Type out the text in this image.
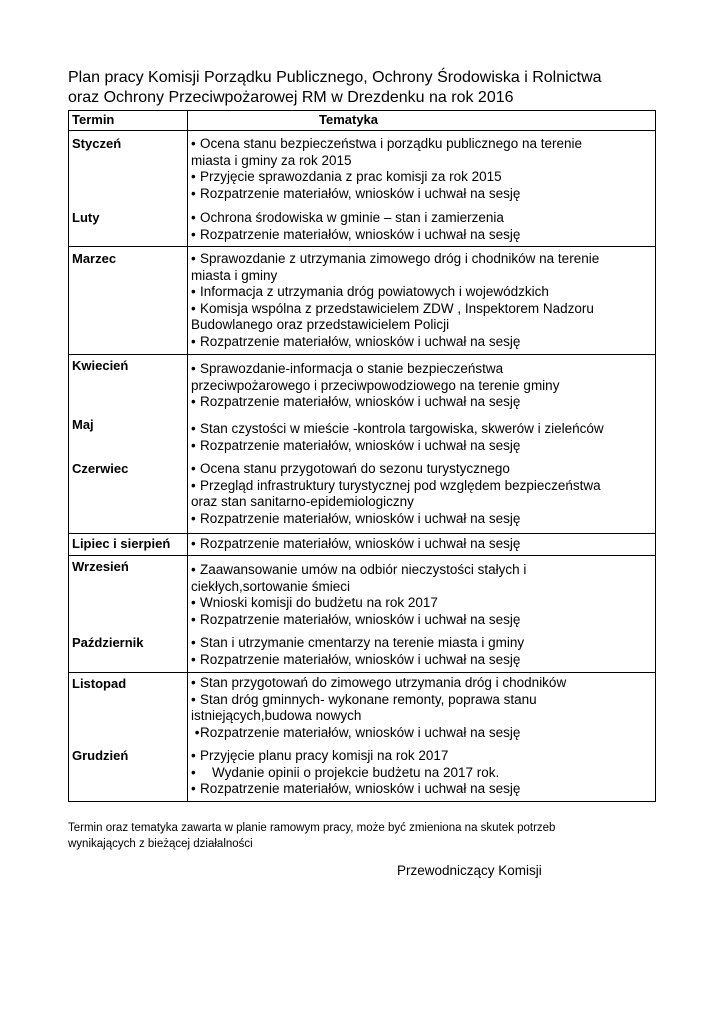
Plan pracy Komisji Porządku Publicznego, Ochrony Środowiska i Rolnictwa
oraz Ochrony Przeciwpożarowej RM w Drezdenku na rok 2016
Termin	Tematyka
Styczeń	• Ocena stanu bezpieczeństwa i porządku publicznego na terenie
miasta i gminy za rok 2015
• Przyjęcie sprawozdania z prac komisji za rok 2015
• Rozpatrzenie materiałów, wniosków i uchwał na sesję
Luty	• Ochrona środowiska w gminie – stan i zamierzenia
• Rozpatrzenie materiałów, wniosków i uchwał na sesję
Marzec	• Sprawozdanie z utrzymania zimowego dróg i chodników na terenie
miasta i gminy
• Informacja z utrzymania dróg powiatowych i wojewódzkich
• Komisja wspólna z przedstawicielem ZDW , Inspektorem Nadzoru
Budowlanego oraz przedstawicielem Policji
• Rozpatrzenie materiałów, wniosków i uchwał na sesję
Kwiecień	• Sprawozdanie-informacja o stanie bezpieczeństwa
przeciwpożarowego i przeciwpowodziowego na terenie gminy
• Rozpatrzenie materiałów, wniosków i uchwał na sesję
Maj	• Stan czystości w mieście -kontrola targowiska, skwerów i zieleńców
• Rozpatrzenie materiałów, wniosków i uchwał na sesję
Czerwiec	• Ocena stanu przygotowań do sezonu turystycznego
• Przegląd infrastruktury turystycznej pod względem bezpieczeństwa
oraz stan sanitarno-epidemiologiczny
• Rozpatrzenie materiałów, wniosków i uchwał na sesję
Lipiec i sierpień	• Rozpatrzenie materiałów, wniosków i uchwał na sesję
Wrzesień	• Zaawansowanie umów na odbiór nieczystości stałych i
ciekłych,sortowanie śmieci
• Wnioski komisji do budżetu na rok 2017
• Rozpatrzenie materiałów, wniosków i uchwał na sesję
Październik	• Stan i utrzymanie cmentarzy na terenie miasta i gminy
• Rozpatrzenie materiałów, wniosków i uchwał na sesję
Listopad	• Stan przygotowań do zimowego utrzymania dróg i chodników
• Stan dróg gminnych- wykonane remonty, poprawa stanu
istniejących,budowa nowych
•Rozpatrzenie materiałów, wniosków i uchwał na sesję
Grudzień	• Przyjęcie planu pracy komisji na rok 2017
• Wydanie opinii o projekcie budżetu na 2017 rok.
• Rozpatrzenie materiałów, wniosków i uchwał na sesję
Termin oraz tematyka zawarta w planie ramowym pracy, może być zmieniona na skutek potrzeb
wynikających z bieżącej działalności
Przewodniczący Komisji
